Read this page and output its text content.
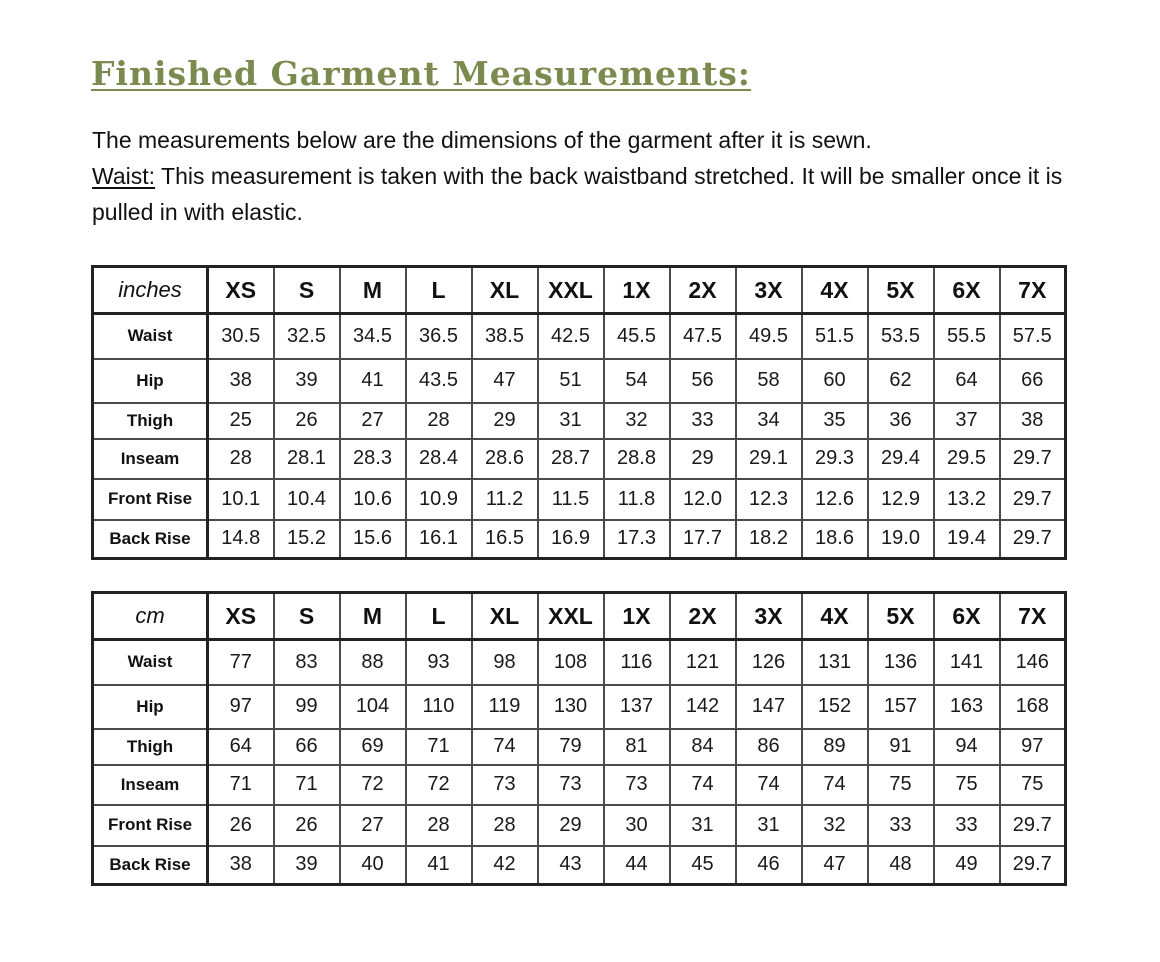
Finished Garment Measurements:

The measurements below are the dimensions of the garment after it is sewn.

Waist: This measurement is taken with the back waistband stretched. It will be smaller once it is pulled in with elastic.

inches	XS	S	M	L	XL	XXL	1X	2X	3X	4X	5X	6X	7X
Waist	30.5	32.5	34.5	36.5	38.5	42.5	45.5	47.5	49.5	51.5	53.5	55.5	57.5
Hip	38	39	41	43.5	47	51	54	56	58	60	62	64	66
Thigh	25	26	27	28	29	31	32	33	34	35	36	37	38
Inseam	28	28.1	28.3	28.4	28.6	28.7	28.8	29	29.1	29.3	29.4	29.5	29.7
Front Rise	10.1	10.4	10.6	10.9	11.2	11.5	11.8	12.0	12.3	12.6	12.9	13.2	29.7
Back Rise	14.8	15.2	15.6	16.1	16.5	16.9	17.3	17.7	18.2	18.6	19.0	19.4	29.7
cm	XS	S	M	L	XL	XXL	1X	2X	3X	4X	5X	6X	7X
Waist	77	83	88	93	98	108	116	121	126	131	136	141	146
Hip	97	99	104	110	119	130	137	142	147	152	157	163	168
Thigh	64	66	69	71	74	79	81	84	86	89	91	94	97
Inseam	71	71	72	72	73	73	73	74	74	74	75	75	75
Front Rise	26	26	27	28	28	29	30	31	31	32	33	33	29.7
Back Rise	38	39	40	41	42	43	44	45	46	47	48	49	29.7
